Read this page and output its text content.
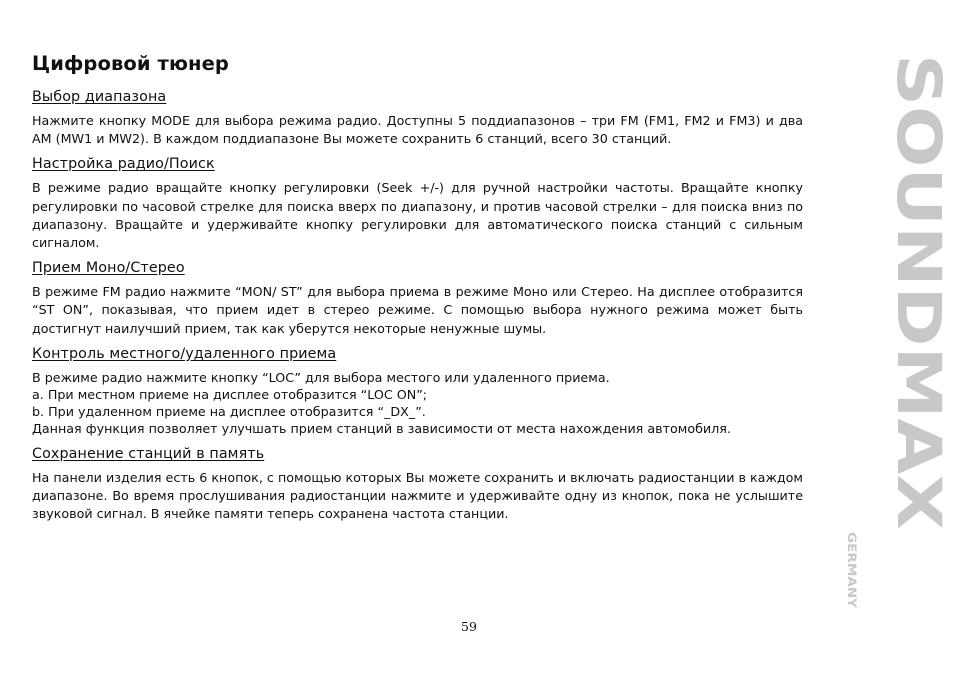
Цифровой тюнер
Выбор диапазона

Нажмите кнопку MODE для выбора режима радио. Доступны 5 поддиапазонов – три FM (FM1, FM2 и FM3) и два AM (MW1 и MW2). В каждом поддиапазоне Вы можете сохранить 6 станций, всего 30 станций.

Настройка радио/Поиск

В режиме радио вращайте кнопку регулировки (Seek +/-) для ручной настройки частоты. Вращайте кнопку регулировки по часовой стрелке для поиска вверх по диапазону, и против часовой стрелки – для поиска вниз по диапазону. Вращайте и удерживайте кнопку регулировки для автоматического поиска станций с сильным сигналом.

Прием Моно/Стерео

В режиме FM радио нажмите “MON/ ST” для выбора приема в режиме Моно или Стерео. На дисплее отобразится “ST ON”, показывая, что прием идет в стерео режиме. С помощью выбора нужного режима может быть достигнут наилучший прием, так как уберутся некоторые ненужные шумы.

Контроль местного/удаленного приема

В режиме радио нажмите кнопку “LOC” для выбора местого или удаленного приема.

a. При местном приеме на дисплее отобразится “LOC ON”;

b. При удаленном приеме на дисплее отобразится “_DX_”.

Данная функция позволяет улучшать прием станций в зависимости от места нахождения автомобиля.

Сохранение станций в память

На панели изделия есть 6 кнопок, с помощью которых Вы можете сохранить и включать радиостанции в каждом диапазоне. Во время прослушивания радиостанции нажмите и удерживайте одну из кнопок, пока не услышите звуковой сигнал. В ячейке памяти теперь сохранена частота станции.

SOUNDMAX
GERMANY
59
